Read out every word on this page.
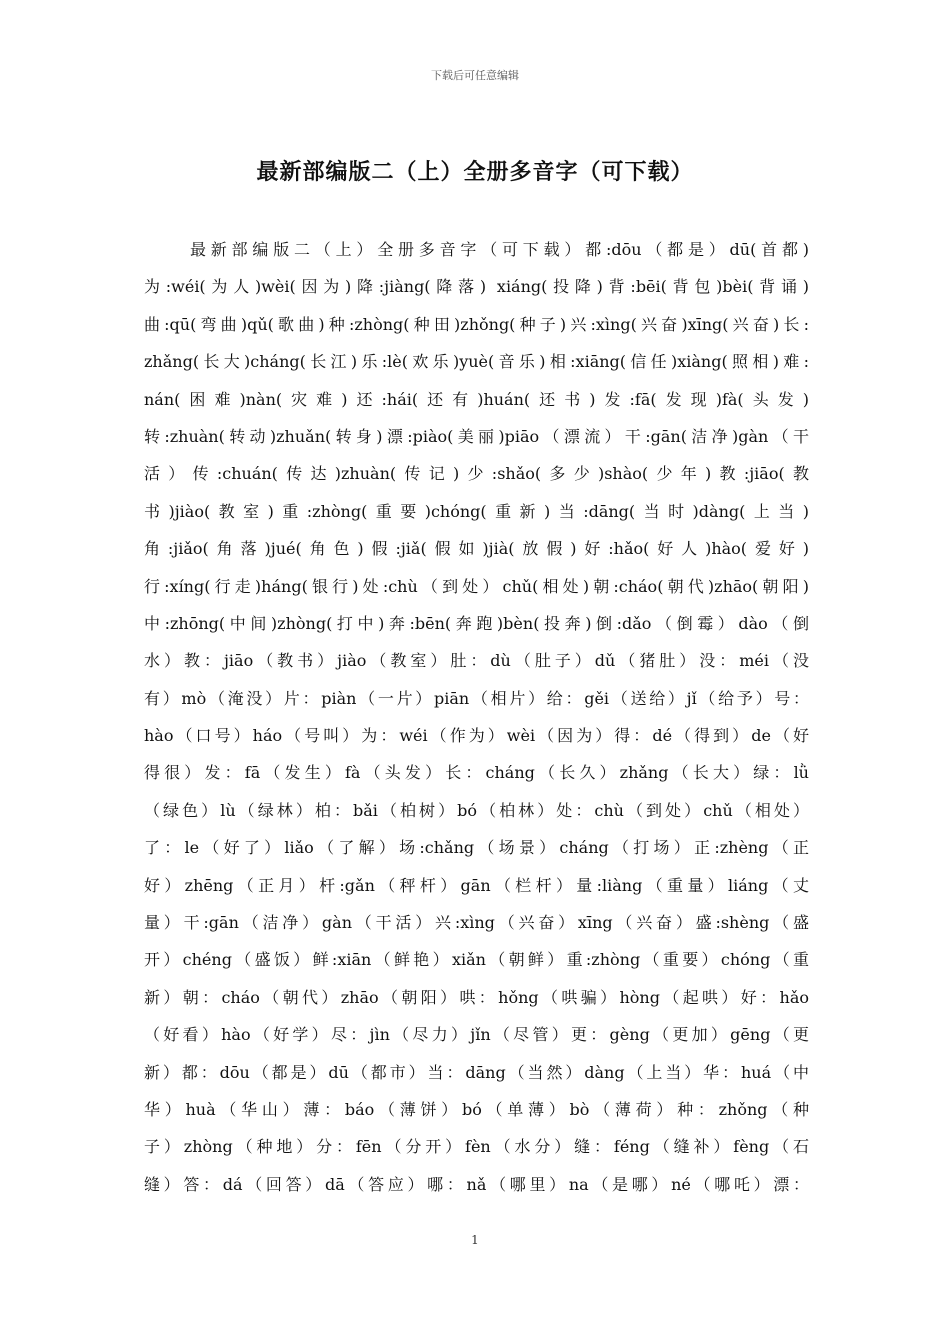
下载后可任意编辑
最新部编版二（上）全册多音字（可下载）
最新部编版二（上）全册多音字（可下载）都:dōu（都是）dū(首都)
为:wéi(为人)wèi(因为)降:jiàng(降落) xiáng(投降)背:bēi(背包)bèi(背诵)
曲:qū(弯曲)qǔ(歌曲)种:zhòng(种田)zhǒng(种子)兴:xìng(兴奋)xīng(兴奋)长:
zhǎng(长大)cháng(长江)乐:lè(欢乐)yuè(音乐)相:xiāng(信任)xiàng(照相)难:
nán(困难)nàn(灾难)还:hái(还有)huán(还书)发:fā(发现)fà(头发)
转:zhuàn(转动)zhuǎn(转身)漂:piào(美丽)piāo（漂流）干:gān(洁净)gàn（干
活）传:chuán(传达)zhuàn(传记)少:shǎo(多少)shào(少年)教:jiāo(教
书)jiào(教室)重:zhòng(重要)chóng(重新)当:dāng(当时)dàng(上当)
角:jiǎo(角落)jué(角色)假:jiǎ(假如)jià(放假)好:hǎo(好人)hào(爱好)
行:xíng(行走)háng(银行)处:chù（到处）chǔ(相处)朝:cháo(朝代)zhāo(朝阳)
中:zhōng(中间)zhòng(打中)奔:bēn(奔跑)bèn(投奔)倒:dǎo（倒霉）dào（倒
水）教：jiāo（教书）jiào（教室）肚：dù（肚子）dǔ（猪肚）没：méi（没
有）mò（淹没）片：piàn（一片）piān（相片）给：gěi（送给）jǐ（给予）号：
hào（口号）háo（号叫）为：wéi（作为）wèi（因为）得：dé（得到）de（好
得很）发：fā（发生）fà（头发）长：cháng（长久）zhǎng（长大）绿：lǜ
（绿色）lù（绿林）柏：bǎi（柏树）bó（柏林）处：chù（到处）chǔ（相处）
了：le（好了）liǎo（了解）场:chǎng（场景）cháng（打场）正:zhèng（正
好）zhēng（正月）杆:gǎn（秤杆）gān（栏杆）量:liàng（重量）liáng（丈
量）干:gān（洁净）gàn（干活）兴:xìng（兴奋）xīng（兴奋）盛:shèng（盛
开）chéng（盛饭）鲜:xiān（鲜艳）xiǎn（朝鲜）重:zhòng（重要）chóng（重
新）朝：cháo（朝代）zhāo（朝阳）哄：hǒng（哄骗）hòng（起哄）好：hǎo
（好看）hào（好学）尽：jìn（尽力）jǐn（尽管）更：gèng（更加）gēng（更
新）都：dōu（都是）dū（都市）当：dāng（当然）dàng（上当）华：huá（中
华）huà（华山）薄：báo（薄饼）bó（单薄）bò（薄荷）种：zhǒng（种
子）zhòng（种地）分：fēn（分开）fèn（水分）缝：féng（缝补）fèng（石
缝）答：dá（回答）dā（答应）哪：nǎ（哪里）na（是哪）né（哪吒）漂：
1
